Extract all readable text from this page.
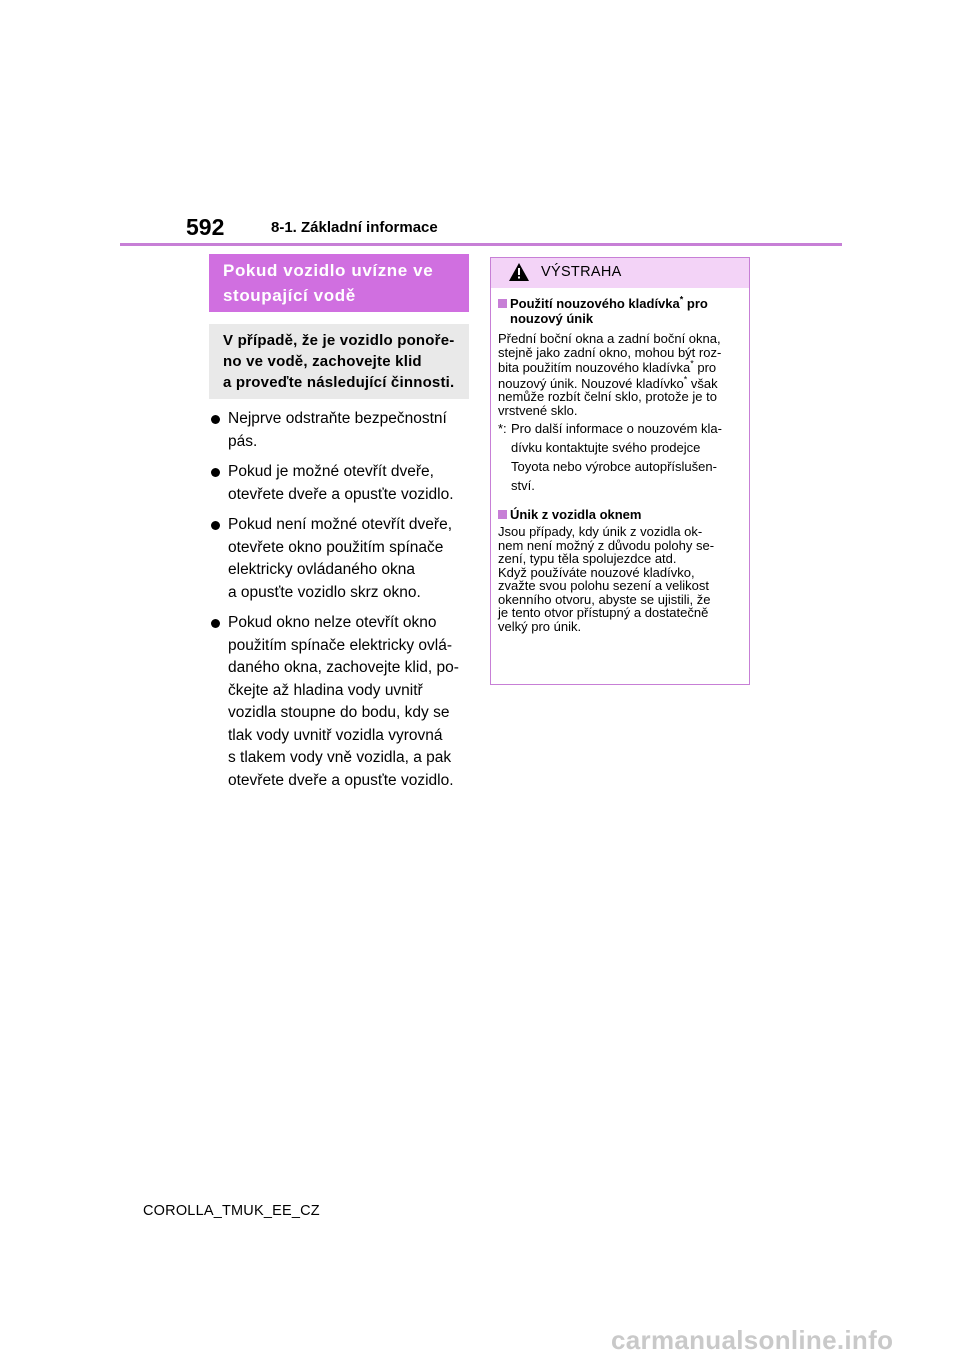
592	8-1. Základní informace
Pokud vozidlo uvízne ve
stoupající vodě
V případě, že je vozidlo ponoře-
no ve vodě, zachovejte klid
a proveďte následující činnosti.
Nejprve odstraňte bezpečnostní
pás.
Pokud je možné otevřít dveře,
otevřete dveře a opusťte vozidlo.
Pokud není možné otevřít dveře,
otevřete okno použitím spínače
elektricky ovládaného okna
a opusťte vozidlo skrz okno.
Pokud okno nelze otevřít okno
použitím spínače elektricky ovlá-
daného okna, zachovejte klid, po-
čkejte až hladina vody uvnitř
vozidla stoupne do bodu, kdy se
tlak vody uvnitř vozidla vyrovná
s tlakem vody vně vozidla, a pak
otevřete dveře a opusťte vozidlo.
VÝSTRAHA
Použití nouzového kladívka* pro
nouzový únik
Přední boční okna a zadní boční okna,
stejně jako zadní okno, mohou být roz-
bita použitím nouzového kladívka* pro
nouzový únik. Nouzové kladívko* však
nemůže rozbít čelní sklo, protože je to
vrstvené sklo.
*: Pro další informace o nouzovém kla-
dívku kontaktujte svého prodejce
Toyota nebo výrobce autopříslušen-
ství.
Únik z vozidla oknem
Jsou případy, kdy únik z vozidla ok-
nem není možný z důvodu polohy se-
zení, typu těla spolujezdce atd.
Když používáte nouzové kladívko,
zvažte svou polohu sezení a velikost
okenního otvoru, abyste se ujistili, že
je tento otvor přístupný a dostatečně
velký pro únik.
COROLLA_TMUK_EE_CZ
carmanualsonline.info
